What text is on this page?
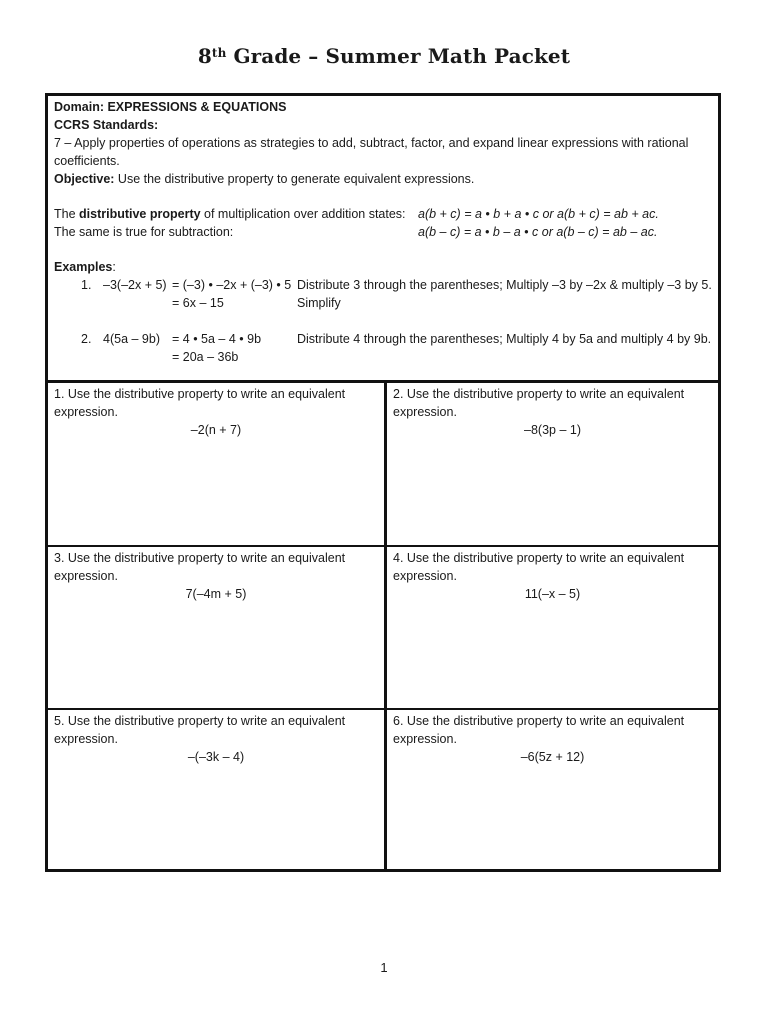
8th Grade – Summer Math Packet
Domain: EXPRESSIONS & EQUATIONS
CCRS Standards:
7 – Apply properties of operations as strategies to add, subtract, factor, and expand linear expressions with rational
coefficients.
Objective: Use the distributive property to generate equivalent expressions.
The distributive property of multiplication over addition states: a(b + c) = a • b + a • c or a(b + c) = ab + ac.
The same is true for subtraction:	a(b – c) = a • b – a • c or a(b – c) = ab – ac.
Examples:
1. –3(–2x + 5) = (–3) • –2x + (–3) • 5
= 6x – 15
Distribute 3 through the parentheses; Multiply –3 by –2x & multiply –3 by 5.
Simplify
2. 4(5a – 9b) = 4 • 5a – 4 • 9b
= 20a – 36b
Distribute 4 through the parentheses; Multiply 4 by 5a and multiply 4 by 9b.
1. Use the distributive property to write an equivalent
expression.
–2(n + 7)
2. Use the distributive property to write an equivalent
expression.
–8(3p – 1)
3. Use the distributive property to write an equivalent
expression.
7(–4m + 5)
4. Use the distributive property to write an equivalent
expression.
11(–x – 5)
5. Use the distributive property to write an equivalent
expression.
–(–3k – 4)
6. Use the distributive property to write an equivalent
expression.
–6(5z + 12)
1
